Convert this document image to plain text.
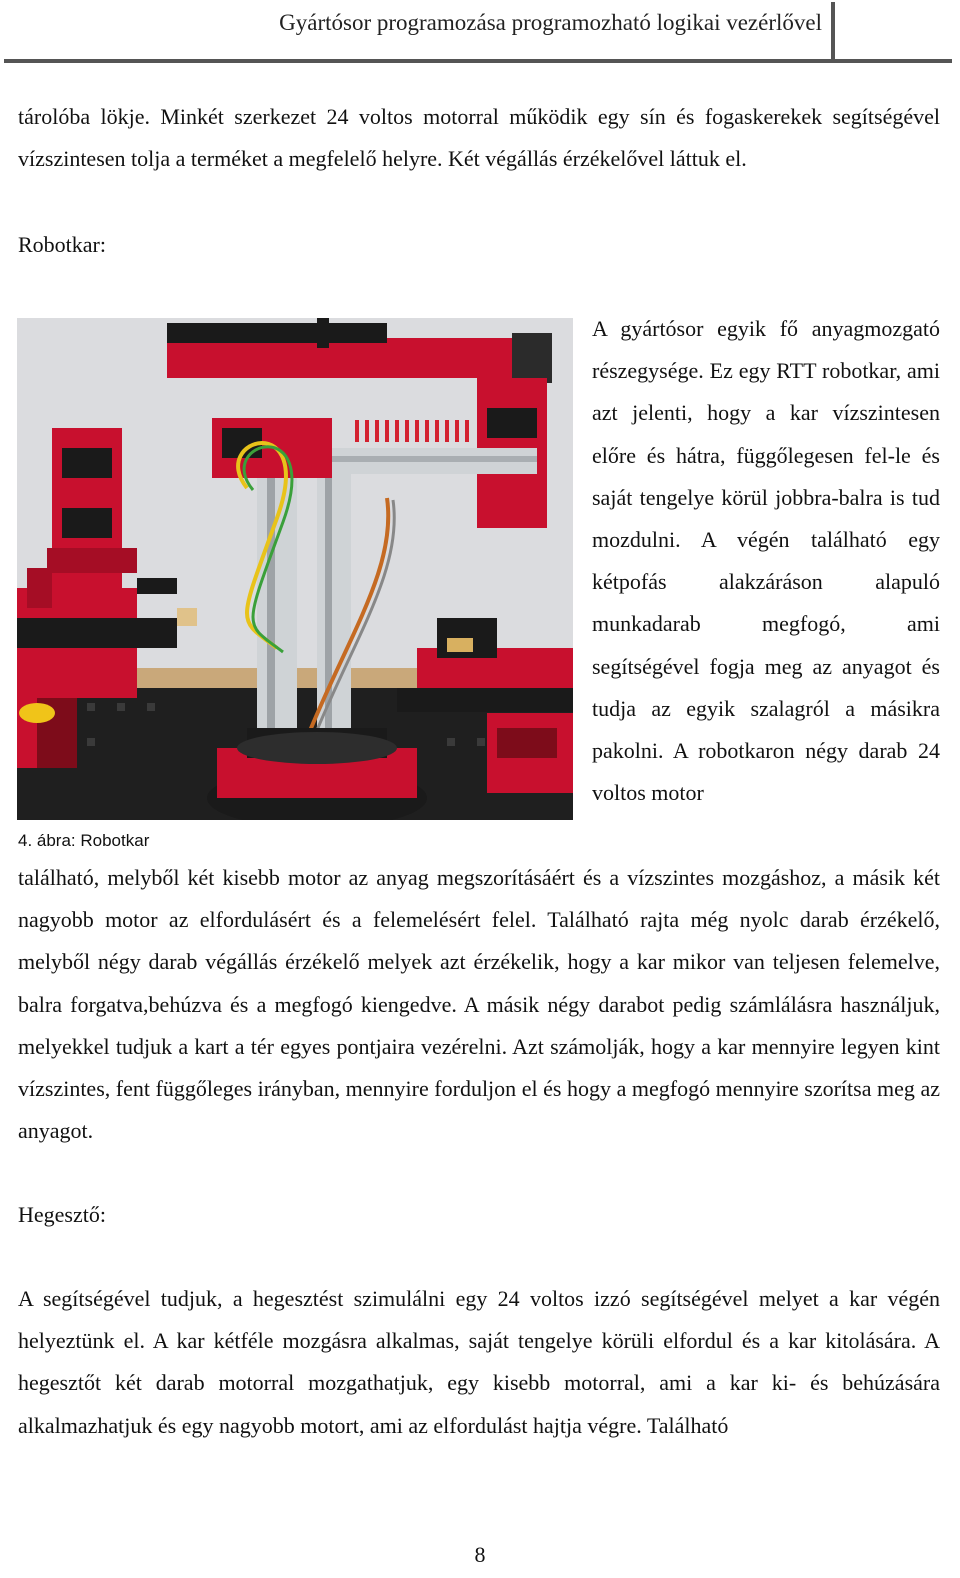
Gyártósor programozása programozható logikai vezérlővel

tárolóba lökje. Minkét szerkezet 24 voltos motorral működik egy sín és fogaskerekek segítségével vízszintesen tolja a terméket a megfelelő helyre. Két végállás érzékelővel láttuk el.

Robotkar:

A gyártósor egyik fő anyagmozgató részegysége. Ez egy RTT robotkar, ami azt jelenti, hogy a kar vízszintesen előre és hátra, függőlegesen fel-le és saját tengelye körül jobbra-balra is tud mozdulni. A végén található egy kétpofás alakzáráson alapuló munkadarab megfogó, ami segítségével fogja meg az anyagot és tudja az egyik szalagról a másikra pakolni. A robotkaron négy darab 24 voltos motor

4. ábra: Robotkar

található, melyből két kisebb motor az anyag megszorításáért és a vízszintes mozgáshoz, a másik két nagyobb motor az elfordulásért és a felemelésért felel. Található rajta még nyolc darab érzékelő, melyből négy darab végállás érzékelő melyek azt érzékelik, hogy a kar mikor van teljesen felemelve, balra forgatva,behúzva és a megfogó kiengedve. A másik négy darabot pedig számlálásra használjuk, melyekkel tudjuk a kart a tér egyes pontjaira vezérelni. Azt számolják, hogy a kar mennyire legyen kint vízszintes, fent függőleges irányban, mennyire forduljon el és hogy a megfogó mennyire szorítsa meg az anyagot.

Hegesztő:

A segítségével tudjuk, a hegesztést szimulálni egy 24 voltos izzó segítségével melyet a kar végén helyeztünk el. A kar kétféle mozgásra alkalmas, saját tengelye körüli elfordul és a kar kitolására. A hegesztőt két darab motorral mozgathatjuk, egy kisebb motorral, ami a kar ki- és behúzására alkalmazhatjuk és egy nagyobb motort, ami az elfordulást hajtja végre. Található

8
